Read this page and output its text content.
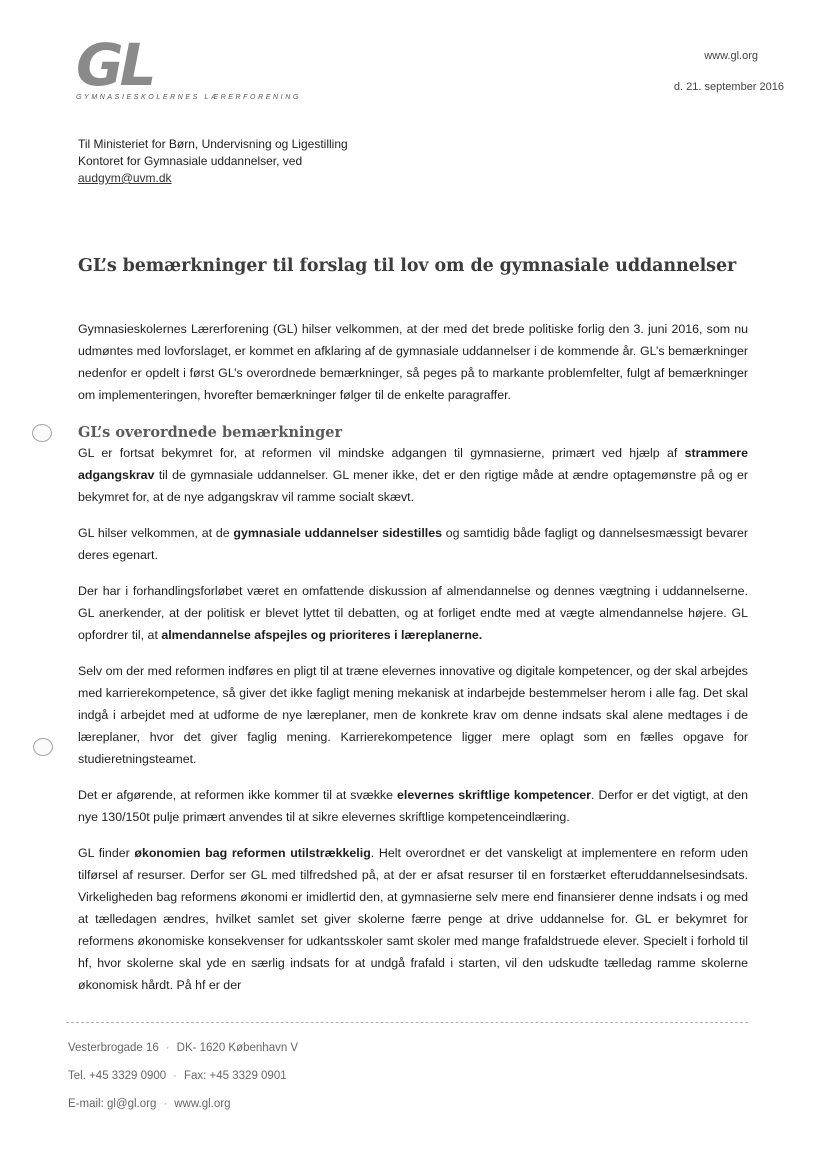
GL
GYMNASIESKOLERNES LÆRERFORENING
www.gl.org
d. 21. september 2016
Til Ministeriet for Børn, Undervisning og Ligestilling
Kontoret for Gymnasiale uddannelser, ved
audgym@uvm.dk
GL’s bemærkninger til forslag til lov om de gymnasiale uddannelser

Gymnasieskolernes Lærerforening (GL) hilser velkommen, at der med det brede politiske forlig den 3. juni 2016, som nu udmøntes med lovforslaget, er kommet en afklaring af de gymnasiale uddannelser i de kommende år. GL’s bemærkninger nedenfor er opdelt i først GL’s overordnede bemærkninger, så peges på to markante problemfelter, fulgt af bemærkninger om implementeringen, hvorefter bemærkninger følger til de enkelte paragraffer.

GL’s overordnede bemærkninger

GL er fortsat bekymret for, at reformen vil mindske adgangen til gymnasierne, primært ved hjælp af strammere adgangskrav til de gymnasiale uddannelser. GL mener ikke, det er den rigtige måde at ændre optagemønstre på og er bekymret for, at de nye adgangskrav vil ramme socialt skævt.

GL hilser velkommen, at de gymnasiale uddannelser sidestilles og samtidig både fagligt og dannelsesmæssigt bevarer deres egenart.

Der har i forhandlingsforløbet været en omfattende diskussion af almendannelse og dennes vægtning i uddannelserne. GL anerkender, at der politisk er blevet lyttet til debatten, og at forliget endte med at vægte almendannelse højere. GL opfordrer til, at almendannelse afspejles og prioriteres i læreplanerne.

Selv om der med reformen indføres en pligt til at træne elevernes innovative og digitale kompetencer, og der skal arbejdes med karrierekompetence, så giver det ikke fagligt mening mekanisk at indarbejde bestemmelser herom i alle fag. Det skal indgå i arbejdet med at udforme de nye læreplaner, men de konkrete krav om denne indsats skal alene medtages i de læreplaner, hvor det giver faglig mening. Karrierekompetence ligger mere oplagt som en fælles opgave for studieretningsteamet.

Det er afgørende, at reformen ikke kommer til at svække elevernes skriftlige kompetencer. Derfor er det vigtigt, at den nye 130/150t pulje primært anvendes til at sikre elevernes skriftlige kompetenceindlæring.

GL finder økonomien bag reformen utilstrækkelig. Helt overordnet er det vanskeligt at implementere en reform uden tilførsel af resurser. Derfor ser GL med tilfredshed på, at der er afsat resurser til en forstærket efteruddannelsesindsats. Virkeligheden bag reformens økonomi er imidlertid den, at gymnasierne selv mere end finansierer denne indsats i og med at tælledagen ændres, hvilket samlet set giver skolerne færre penge at drive uddannelse for. GL er bekymret for reformens økonomiske konsekvenser for udkantsskoler samt skoler med mange frafaldstruede elever. Specielt i forhold til hf, hvor skolerne skal yde en særlig indsats for at undgå frafald i starten, vil den udskudte tælledag ramme skolerne økonomisk hårdt. På hf er der

Vesterbrogade 16 · DK- 1620 København V
Tel. +45 3329 0900 · Fax: +45 3329 0901
E-mail: gl@gl.org · www.gl.org
